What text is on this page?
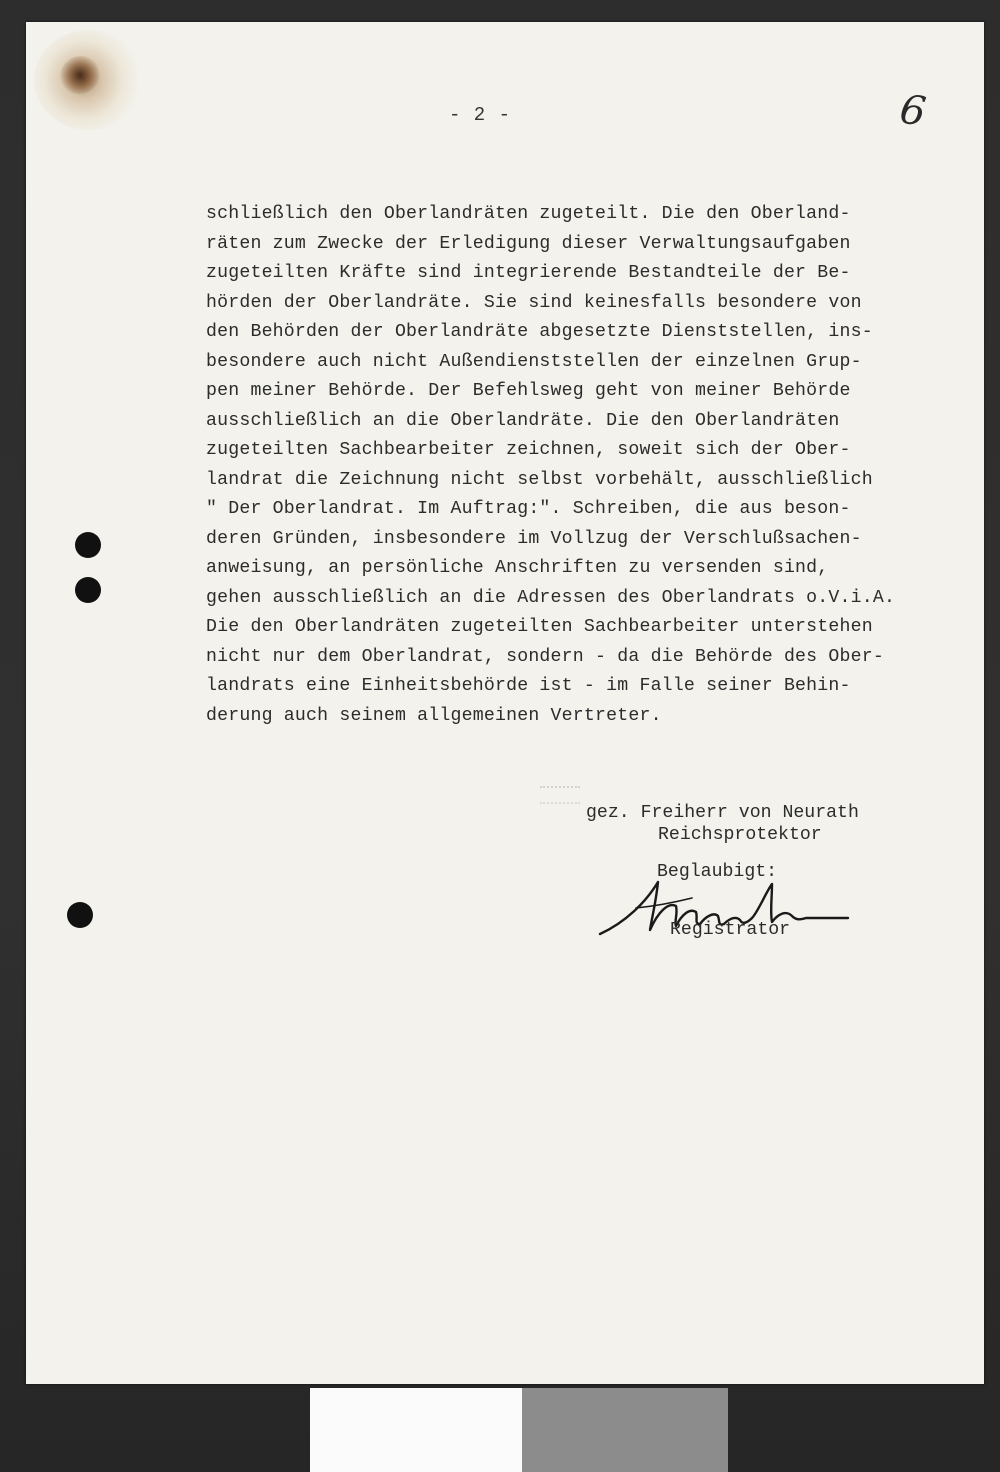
- 2 -	6
schließlich den Oberlandräten zugeteilt. Die den Oberland-
räten zum Zwecke der Erledigung dieser Verwaltungsaufgaben
zugeteilten Kräfte sind integrierende Bestandteile der Be-
hörden der Oberlandräte. Sie sind keinesfalls besondere von
den Behörden der Oberlandräte abgesetzte Dienststellen, ins-
besondere auch nicht Außendienststellen der einzelnen Grup-
pen meiner Behörde. Der Befehlsweg geht von meiner Behörde
ausschließlich an die Oberlandräte. Die den Oberlandräten
zugeteilten Sachbearbeiter zeichnen, soweit sich der Ober-
landrat die Zeichnung nicht selbst vorbehält, ausschließlich
" Der Oberlandrat. Im Auftrag:". Schreiben, die aus beson-
deren Gründen, insbesondere im Vollzug der Verschlußsachen-
anweisung, an persönliche Anschriften zu versenden sind,
gehen ausschließlich an die Adressen des Oberlandrats o.V.i.A.
Die den Oberlandräten zugeteilten Sachbearbeiter unterstehen
nicht nur dem Oberlandrat, sondern - da die Behörde des Ober-
landrats eine Einheitsbehörde ist - im Falle seiner Behin-
derung auch seinem allgemeinen Vertreter.
gez. Freiherr von Neurath
Reichsprotektor
Beglaubigt:
Registrator
